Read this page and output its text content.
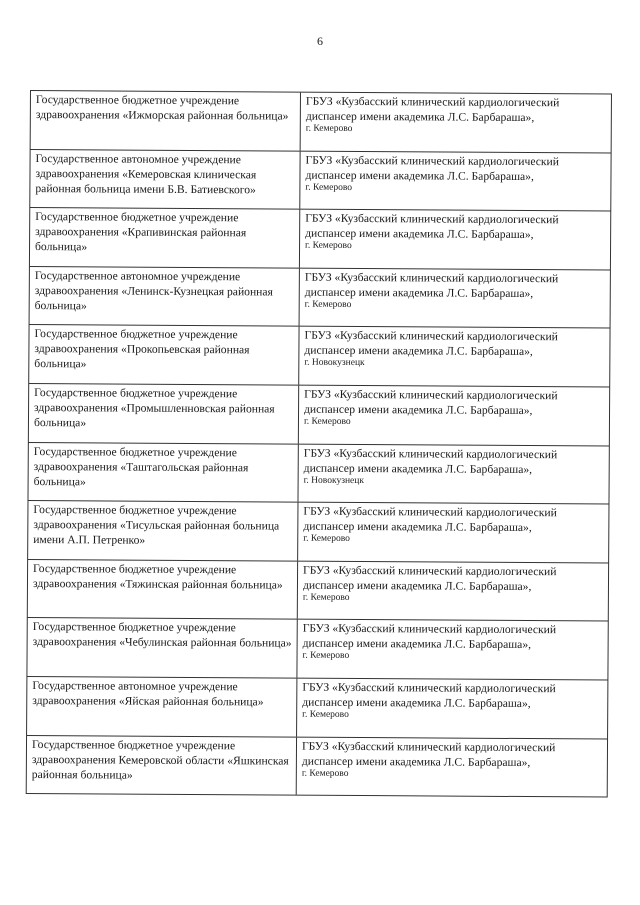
6
Государственное бюджетное учреждение здравоохранения «Ижморская районная больница»
ГБУЗ «Кузбасский клинический кардиологический диспансер имени академика Л.С. Барбараша»,
г. Кемерово
Государственное автономное учреждение здравоохранения «Кемеровская клиническая районная больница имени Б.В. Батиевского»
ГБУЗ «Кузбасский клинический кардиологический диспансер имени академика Л.С. Барбараша»,
г. Кемерово
Государственное бюджетное учреждение здравоохранения «Крапивинская районная больница»
ГБУЗ «Кузбасский клинический кардиологический диспансер имени академика Л.С. Барбараша»,
г. Кемерово
Государственное автономное учреждение здравоохранения «Ленинск-Кузнецкая районная больница»
ГБУЗ «Кузбасский клинический кардиологический диспансер имени академика Л.С. Барбараша»,
г. Кемерово
Государственное бюджетное учреждение здравоохранения «Прокопьевская районная больница»
ГБУЗ «Кузбасский клинический кардиологический диспансер имени академика Л.С. Барбараша»,
г. Новокузнецк
Государственное бюджетное учреждение здравоохранения «Промышленновская районная больница»
ГБУЗ «Кузбасский клинический кардиологический диспансер имени академика Л.С. Барбараша»,
г. Кемерово
Государственное бюджетное учреждение здравоохранения «Таштагольская районная больница»
ГБУЗ «Кузбасский клинический кардиологический диспансер имени академика Л.С. Барбараша»,
г. Новокузнецк
Государственное бюджетное учреждение здравоохранения «Тисульская районная больница имени А.П. Петренко»
ГБУЗ «Кузбасский клинический кардиологический диспансер имени академика Л.С. Барбараша»,
г. Кемерово
Государственное бюджетное учреждение здравоохранения «Тяжинская районная больница»
ГБУЗ «Кузбасский клинический кардиологический диспансер имени академика Л.С. Барбараша»,
г. Кемерово
Государственное бюджетное учреждение здравоохранения «Чебулинская районная больница»
ГБУЗ «Кузбасский клинический кардиологический диспансер имени академика Л.С. Барбараша»,
г. Кемерово
Государственное автономное учреждение здравоохранения «Яйская районная больница»
ГБУЗ «Кузбасский клинический кардиологический диспансер имени академика Л.С. Барбараша»,
г. Кемерово
Государственное бюджетное учреждение здравоохранения Кемеровской области «Яшкинская районная больница»
ГБУЗ «Кузбасский клинический кардиологический диспансер имени академика Л.С. Барбараша»,
г. Кемерово
